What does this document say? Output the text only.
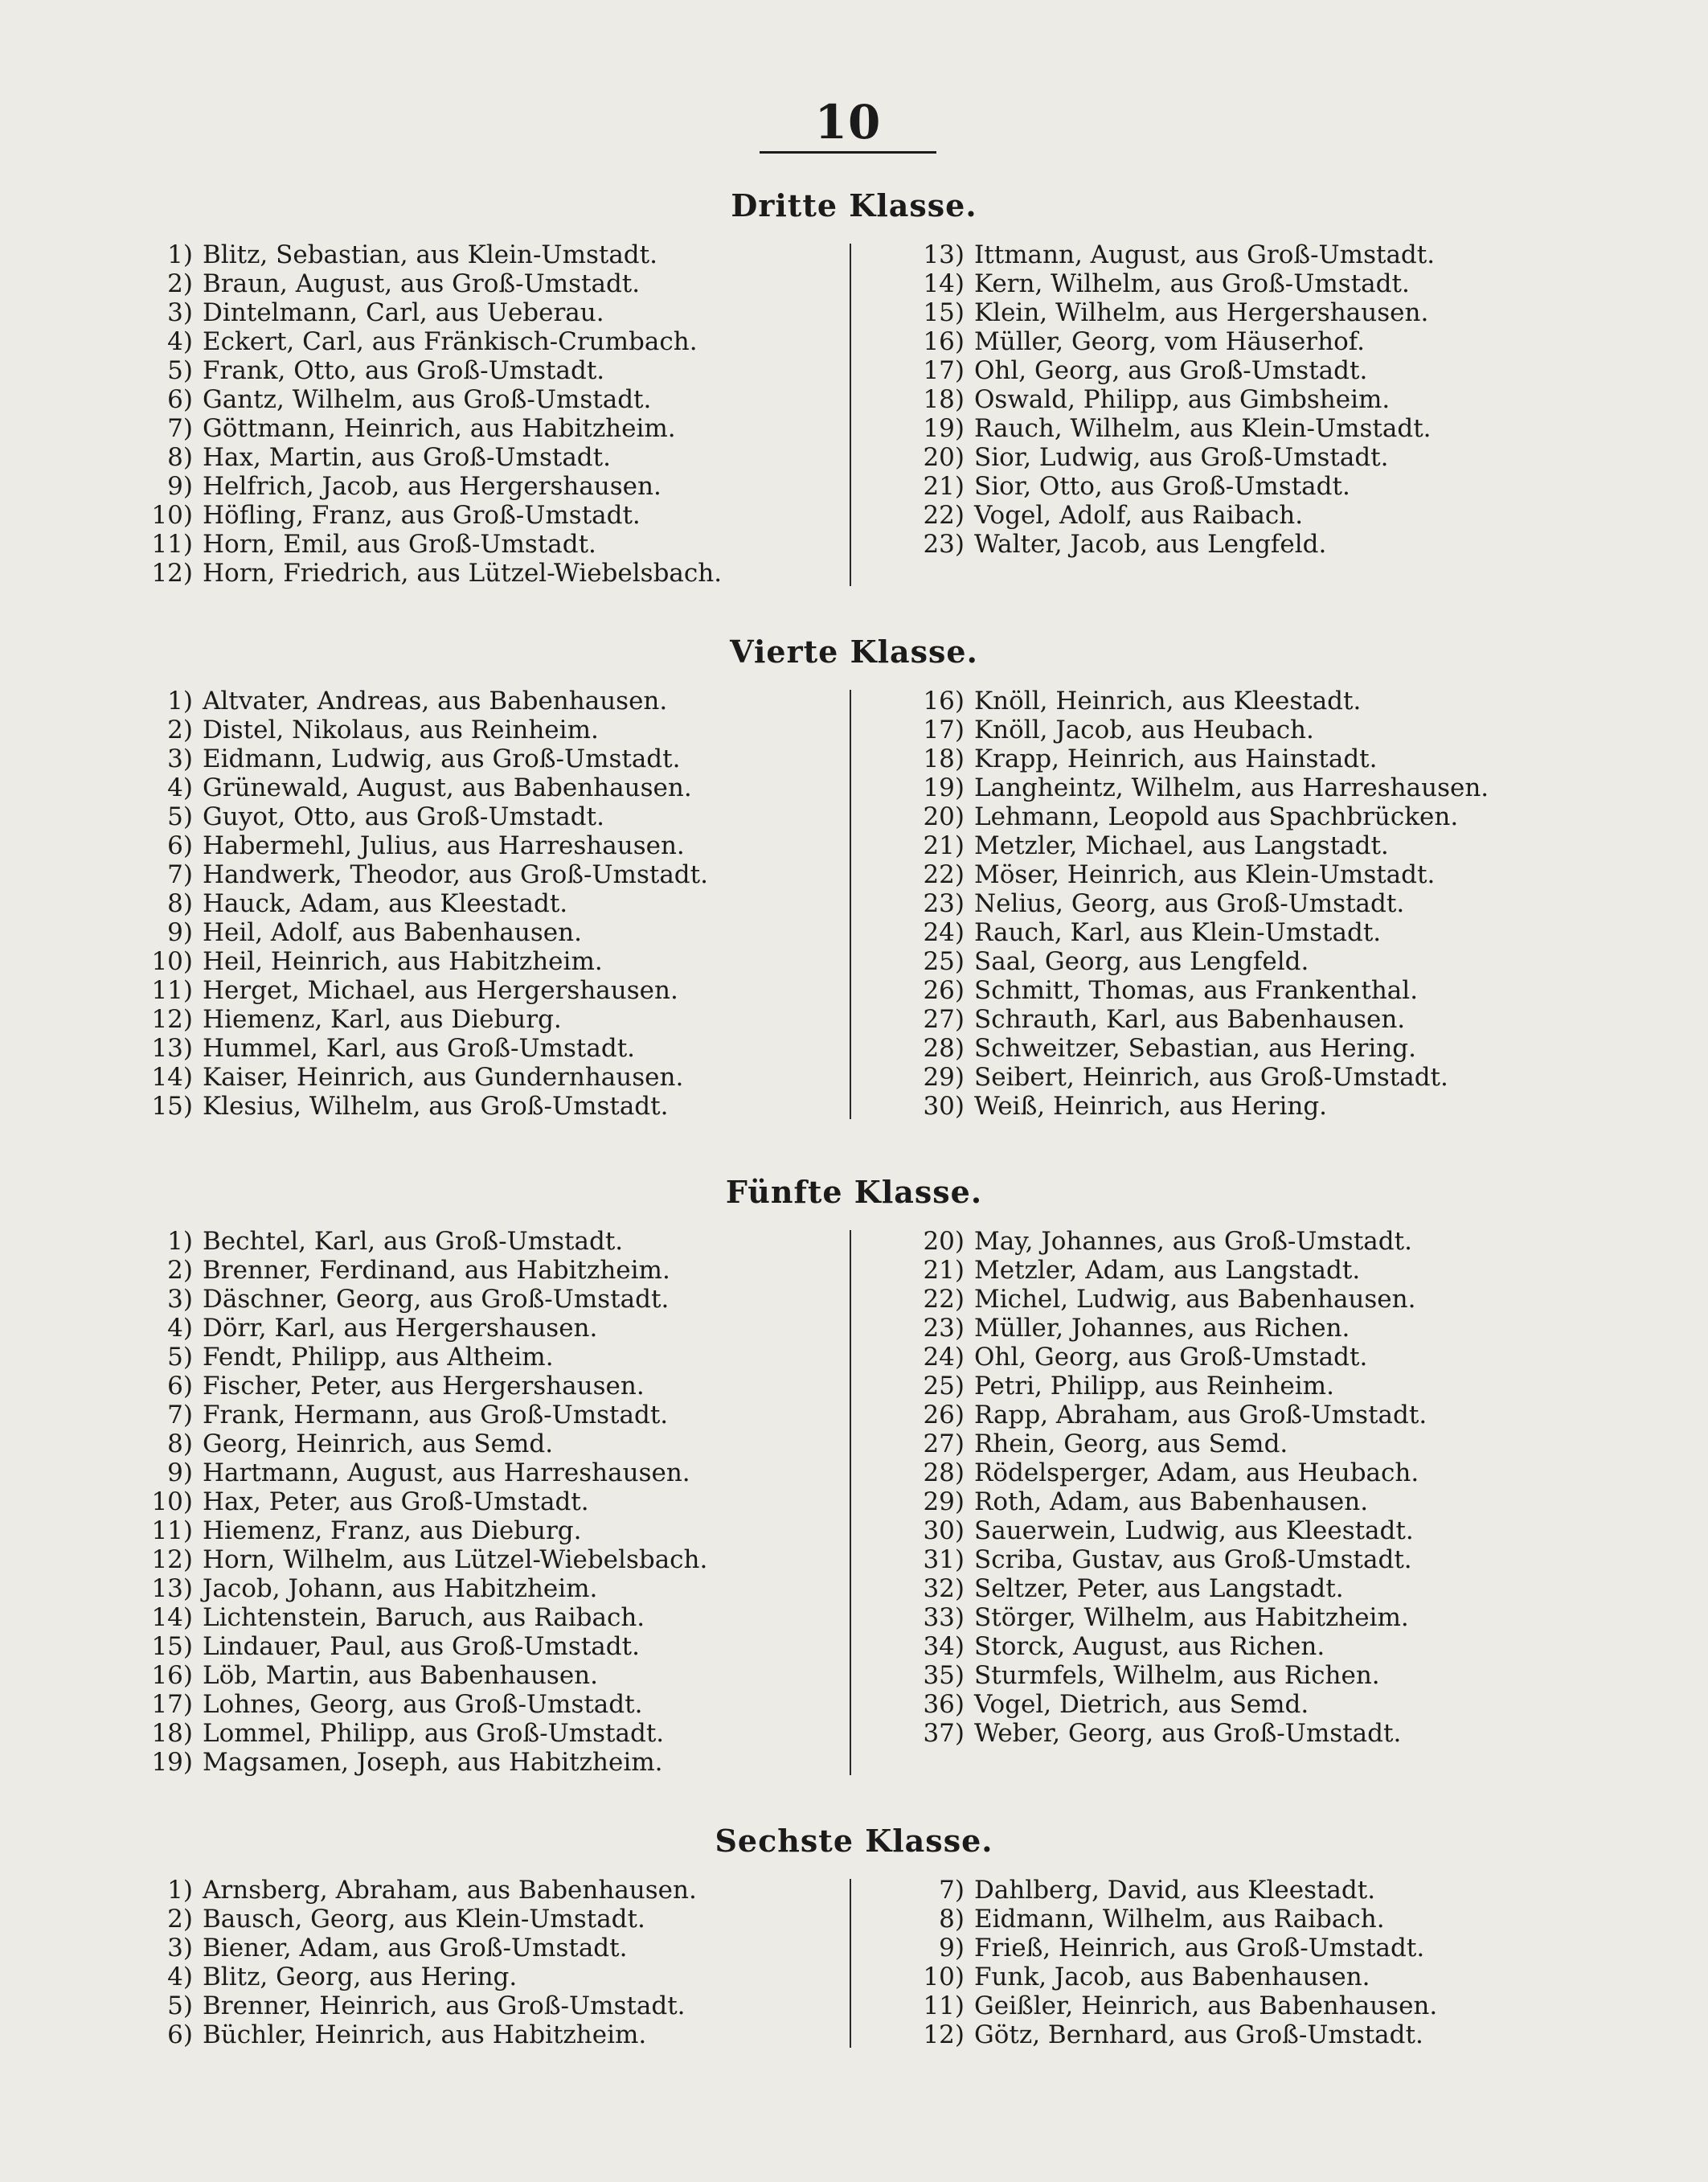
10
Dritte Klasse.
1) Blitz, Sebastian, aus Klein-Umstadt.
2) Braun, August, aus Groß-Umstadt.
3) Dintelmann, Carl, aus Ueberau.
4) Eckert, Carl, aus Fränkisch-Crumbach.
5) Frank, Otto, aus Groß-Umstadt.
6) Gantz, Wilhelm, aus Groß-Umstadt.
7) Göttmann, Heinrich, aus Habitzheim.
8) Hax, Martin, aus Groß-Umstadt.
9) Helfrich, Jacob, aus Hergershausen.
10) Höfling, Franz, aus Groß-Umstadt.
11) Horn, Emil, aus Groß-Umstadt.
12) Horn, Friedrich, aus Lützel-Wiebelsbach.
13) Ittmann, August, aus Groß-Umstadt.
14) Kern, Wilhelm, aus Groß-Umstadt.
15) Klein, Wilhelm, aus Hergershausen.
16) Müller, Georg, vom Häuserhof.
17) Ohl, Georg, aus Groß-Umstadt.
18) Oswald, Philipp, aus Gimbsheim.
19) Rauch, Wilhelm, aus Klein-Umstadt.
20) Sior, Ludwig, aus Groß-Umstadt.
21) Sior, Otto, aus Groß-Umstadt.
22) Vogel, Adolf, aus Raibach.
23) Walter, Jacob, aus Lengfeld.
Vierte Klasse.
1) Altvater, Andreas, aus Babenhausen.
2) Distel, Nikolaus, aus Reinheim.
3) Eidmann, Ludwig, aus Groß-Umstadt.
4) Grünewald, August, aus Babenhausen.
5) Guyot, Otto, aus Groß-Umstadt.
6) Habermehl, Julius, aus Harreshausen.
7) Handwerk, Theodor, aus Groß-Umstadt.
8) Hauck, Adam, aus Kleestadt.
9) Heil, Adolf, aus Babenhausen.
10) Heil, Heinrich, aus Habitzheim.
11) Herget, Michael, aus Hergershausen.
12) Hiemenz, Karl, aus Dieburg.
13) Hummel, Karl, aus Groß-Umstadt.
14) Kaiser, Heinrich, aus Gundernhausen.
15) Klesius, Wilhelm, aus Groß-Umstadt.
16) Knöll, Heinrich, aus Kleestadt.
17) Knöll, Jacob, aus Heubach.
18) Krapp, Heinrich, aus Hainstadt.
19) Langheintz, Wilhelm, aus Harreshausen.
20) Lehmann, Leopold aus Spachbrücken.
21) Metzler, Michael, aus Langstadt.
22) Möser, Heinrich, aus Klein-Umstadt.
23) Nelius, Georg, aus Groß-Umstadt.
24) Rauch, Karl, aus Klein-Umstadt.
25) Saal, Georg, aus Lengfeld.
26) Schmitt, Thomas, aus Frankenthal.
27) Schrauth, Karl, aus Babenhausen.
28) Schweitzer, Sebastian, aus Hering.
29) Seibert, Heinrich, aus Groß-Umstadt.
30) Weiß, Heinrich, aus Hering.
Fünfte Klasse.
1) Bechtel, Karl, aus Groß-Umstadt.
2) Brenner, Ferdinand, aus Habitzheim.
3) Däschner, Georg, aus Groß-Umstadt.
4) Dörr, Karl, aus Hergershausen.
5) Fendt, Philipp, aus Altheim.
6) Fischer, Peter, aus Hergershausen.
7) Frank, Hermann, aus Groß-Umstadt.
8) Georg, Heinrich, aus Semd.
9) Hartmann, August, aus Harreshausen.
10) Hax, Peter, aus Groß-Umstadt.
11) Hiemenz, Franz, aus Dieburg.
12) Horn, Wilhelm, aus Lützel-Wiebelsbach.
13) Jacob, Johann, aus Habitzheim.
14) Lichtenstein, Baruch, aus Raibach.
15) Lindauer, Paul, aus Groß-Umstadt.
16) Löb, Martin, aus Babenhausen.
17) Lohnes, Georg, aus Groß-Umstadt.
18) Lommel, Philipp, aus Groß-Umstadt.
19) Magsamen, Joseph, aus Habitzheim.
20) May, Johannes, aus Groß-Umstadt.
21) Metzler, Adam, aus Langstadt.
22) Michel, Ludwig, aus Babenhausen.
23) Müller, Johannes, aus Richen.
24) Ohl, Georg, aus Groß-Umstadt.
25) Petri, Philipp, aus Reinheim.
26) Rapp, Abraham, aus Groß-Umstadt.
27) Rhein, Georg, aus Semd.
28) Rödelsperger, Adam, aus Heubach.
29) Roth, Adam, aus Babenhausen.
30) Sauerwein, Ludwig, aus Kleestadt.
31) Scriba, Gustav, aus Groß-Umstadt.
32) Seltzer, Peter, aus Langstadt.
33) Störger, Wilhelm, aus Habitzheim.
34) Storck, August, aus Richen.
35) Sturmfels, Wilhelm, aus Richen.
36) Vogel, Dietrich, aus Semd.
37) Weber, Georg, aus Groß-Umstadt.
Sechste Klasse.
1) Arnsberg, Abraham, aus Babenhausen.
2) Bausch, Georg, aus Klein-Umstadt.
3) Biener, Adam, aus Groß-Umstadt.
4) Blitz, Georg, aus Hering.
5) Brenner, Heinrich, aus Groß-Umstadt.
6) Büchler, Heinrich, aus Habitzheim.
7) Dahlberg, David, aus Kleestadt.
8) Eidmann, Wilhelm, aus Raibach.
9) Frieß, Heinrich, aus Groß-Umstadt.
10) Funk, Jacob, aus Babenhausen.
11) Geißler, Heinrich, aus Babenhausen.
12) Götz, Bernhard, aus Groß-Umstadt.
